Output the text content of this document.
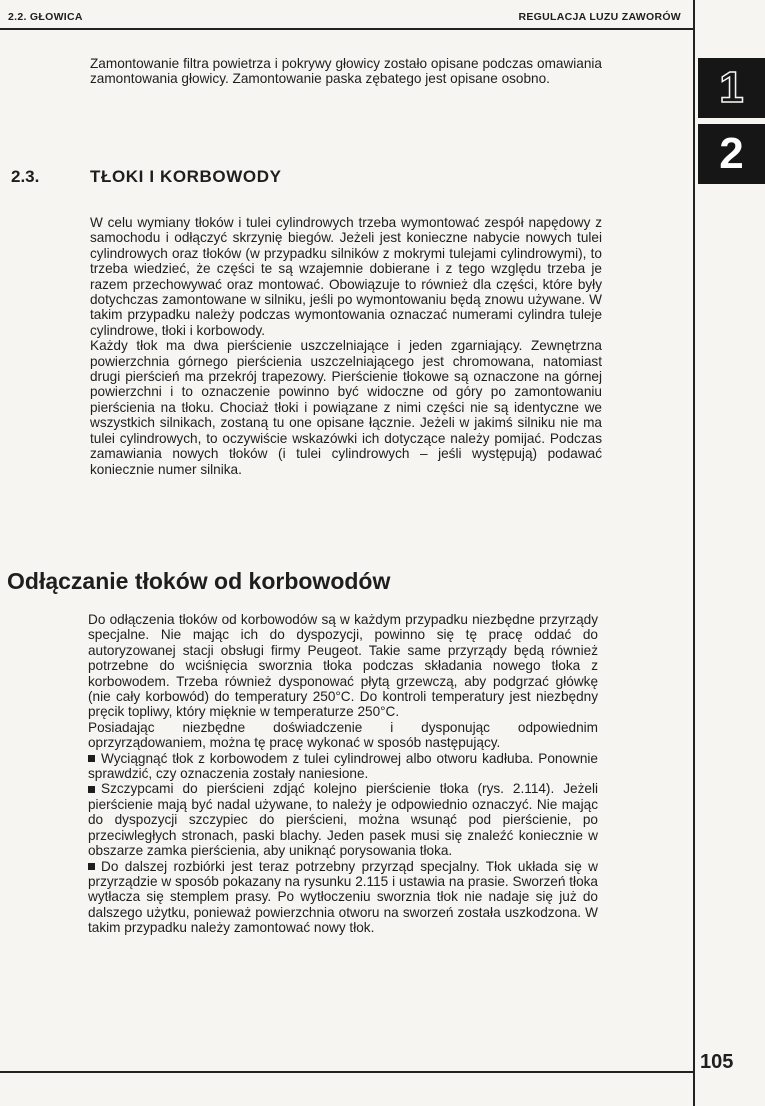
2.2. GŁOWICA	REGULACJA LUZU ZAWORÓW
1
2

Zamontowanie filtra powietrza i pokrywy głowicy zostało opisane podczas omawiania zamontowania głowicy. Zamontowanie paska zębatego jest opisane osobno.

2.3.	TŁOKI I KORBOWODY

W celu wymiany tłoków i tulei cylindrowych trzeba wymontować zespół napędowy z samochodu i odłączyć skrzynię biegów. Jeżeli jest konieczne nabycie nowych tulei cylindrowych oraz tłoków (w przypadku silników z mokrymi tulejami cylindrowymi), to trzeba wiedzieć, że części te są wzajemnie dobierane i z tego względu trzeba je razem przechowywać oraz montować. Obowiązuje to również dla części, które były dotychczas zamontowane w silniku, jeśli po wymontowaniu będą znowu używane. W takim przypadku należy podczas wymontowania oznaczać numerami cylindra tuleje cylindrowe, tłoki i korbowody.

Każdy tłok ma dwa pierścienie uszczelniające i jeden zgarniający. Zewnętrzna powierzchnia górnego pierścienia uszczelniającego jest chromowana, natomiast drugi pierścień ma przekrój trapezowy. Pierścienie tłokowe są oznaczone na górnej powierzchni i to oznaczenie powinno być widoczne od góry po zamontowaniu pierścienia na tłoku. Chociaż tłoki i powiązane z nimi części nie są identyczne we wszystkich silnikach, zostaną tu one opisane łącznie. Jeżeli w jakimś silniku nie ma tulei cylindrowych, to oczywiście wskazówki ich dotyczące należy pomijać. Podczas zamawiania nowych tłoków (i tulei cylindrowych – jeśli występują) podawać koniecznie numer silnika.

Odłączanie tłoków od korbowodów

Do odłączenia tłoków od korbowodów są w każdym przypadku niezbędne przyrządy specjalne. Nie mając ich do dyspozycji, powinno się tę pracę oddać do autoryzowanej stacji obsługi firmy Peugeot. Takie same przyrządy będą również potrzebne do wciśnięcia sworznia tłoka podczas składania nowego tłoka z korbowodem. Trzeba również dysponować płytą grzewczą, aby podgrzać główkę (nie cały korbowód) do temperatury 250°C. Do kontroli temperatury jest niezbędny pręcik topliwy, który mięknie w temperaturze 250°C.

Posiadając niezbędne doświadczenie i dysponując odpowiednim oprzyrządowaniem, można tę pracę wykonać w sposób następujący.

Wyciągnąć tłok z korbowodem z tulei cylindrowej albo otworu kadłuba. Ponownie sprawdzić, czy oznaczenia zostały naniesione.

Szczypcami do pierścieni zdjąć kolejno pierścienie tłoka (rys. 2.114). Jeżeli pierścienie mają być nadal używane, to należy je odpowiednio oznaczyć. Nie mając do dyspozycji szczypiec do pierścieni, można wsunąć pod pierścienie, po przeciwległych stronach, paski blachy. Jeden pasek musi się znaleźć koniecznie w obszarze zamka pierścienia, aby uniknąć porysowania tłoka.

Do dalszej rozbiórki jest teraz potrzebny przyrząd specjalny. Tłok układa się w przyrządzie w sposób pokazany na rysunku 2.115 i ustawia na prasie. Sworzeń tłoka wytłacza się stemplem prasy. Po wytłoczeniu sworznia tłok nie nadaje się już do dalszego użytku, ponieważ powierzchnia otworu na sworzeń została uszkodzona. W takim przypadku należy zamontować nowy tłok.

105
